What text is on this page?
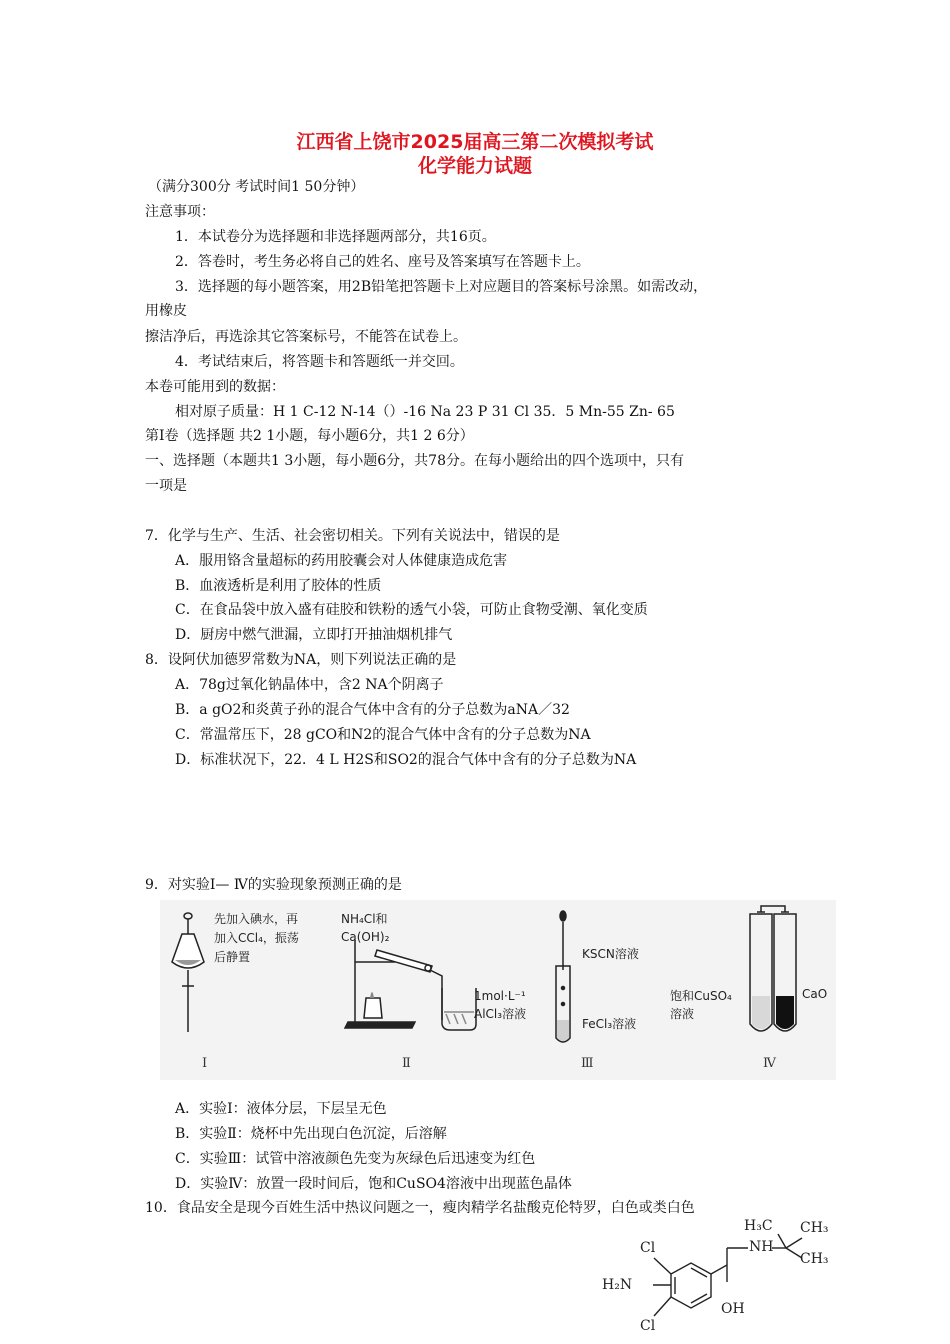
江西省上饶市2025届高三第二次模拟考试
化学能力试题
（满分300分 考试时间1 50分钟）
注意事项：
1．本试卷分为选择题和非选择题两部分，共16页。
2．答卷时，考生务必将自己的姓名、座号及答案填写在答题卡上。
3．选择题的每小题答案，用2B铅笔把答题卡上对应题目的答案标号涂黑。如需改动，
用橡皮
擦洁净后，再选涂其它答案标号，不能答在试卷上。
4．考试结束后，将答题卡和答题纸一并交回。
本卷可能用到的数据：
相对原子质量：H 1 C-12 N-14（）-16 Na 23 P 31 Cl 35．5 Mn-55 Zn- 65
第Ⅰ卷（选择题 共2 1小题，每小题6分，共1 2 6分）
一、选择题（本题共1 3小题，每小题6分，共78分。在每小题给出的四个选项中，只有
一项是
7．化学与生产、生活、社会密切相关。下列有关说法中，错误的是
A．服用铬含量超标的药用胶囊会对人体健康造成危害
B．血液透析是利用了胶体的性质
C．在食品袋中放入盛有硅胶和铁粉的透气小袋，可防止食物受潮、氧化变质
D．厨房中燃气泄漏，立即打开抽油烟机排气
8．设阿伏加德罗常数为NA，则下列说法正确的是
A．78g过氧化钠晶体中，含2 NA个阴离子
B．a gO2和炎黄子孙的混合气体中含有的分子总数为aNA／32
C．常温常压下，28 gCO和N2的混合气体中含有的分子总数为NA
D．标准状况下，22．4 L H2S和SO2的混合气体中含有的分子总数为NA
9．对实验Ⅰ— Ⅳ的实验现象预测正确的是
先加入碘水，再
加入CCl₄，振荡
后静置
NH₄Cl和
Ca(OH)₂
1mol·L⁻¹
AlCl₃溶液
KSCN溶液
FeCl₃溶液
饱和CuSO₄
溶液
CaO
Ⅰ	Ⅱ	Ⅲ	Ⅳ
A．实验Ⅰ：液体分层，下层呈无色
B．实验Ⅱ：烧杯中先出现白色沉淀，后溶解
C．实验Ⅲ：试管中溶液颜色先变为灰绿色后迅速变为红色
D．实验Ⅳ：放置一段时间后，饱和CuSO4溶液中出现蓝色晶体
10．食品安全是现今百姓生活中热议问题之一，瘦肉精学名盐酸克伦特罗，白色或类白色
Cl
Cl
H₂N
OH
NH
H₃C CH₃
CH₃
